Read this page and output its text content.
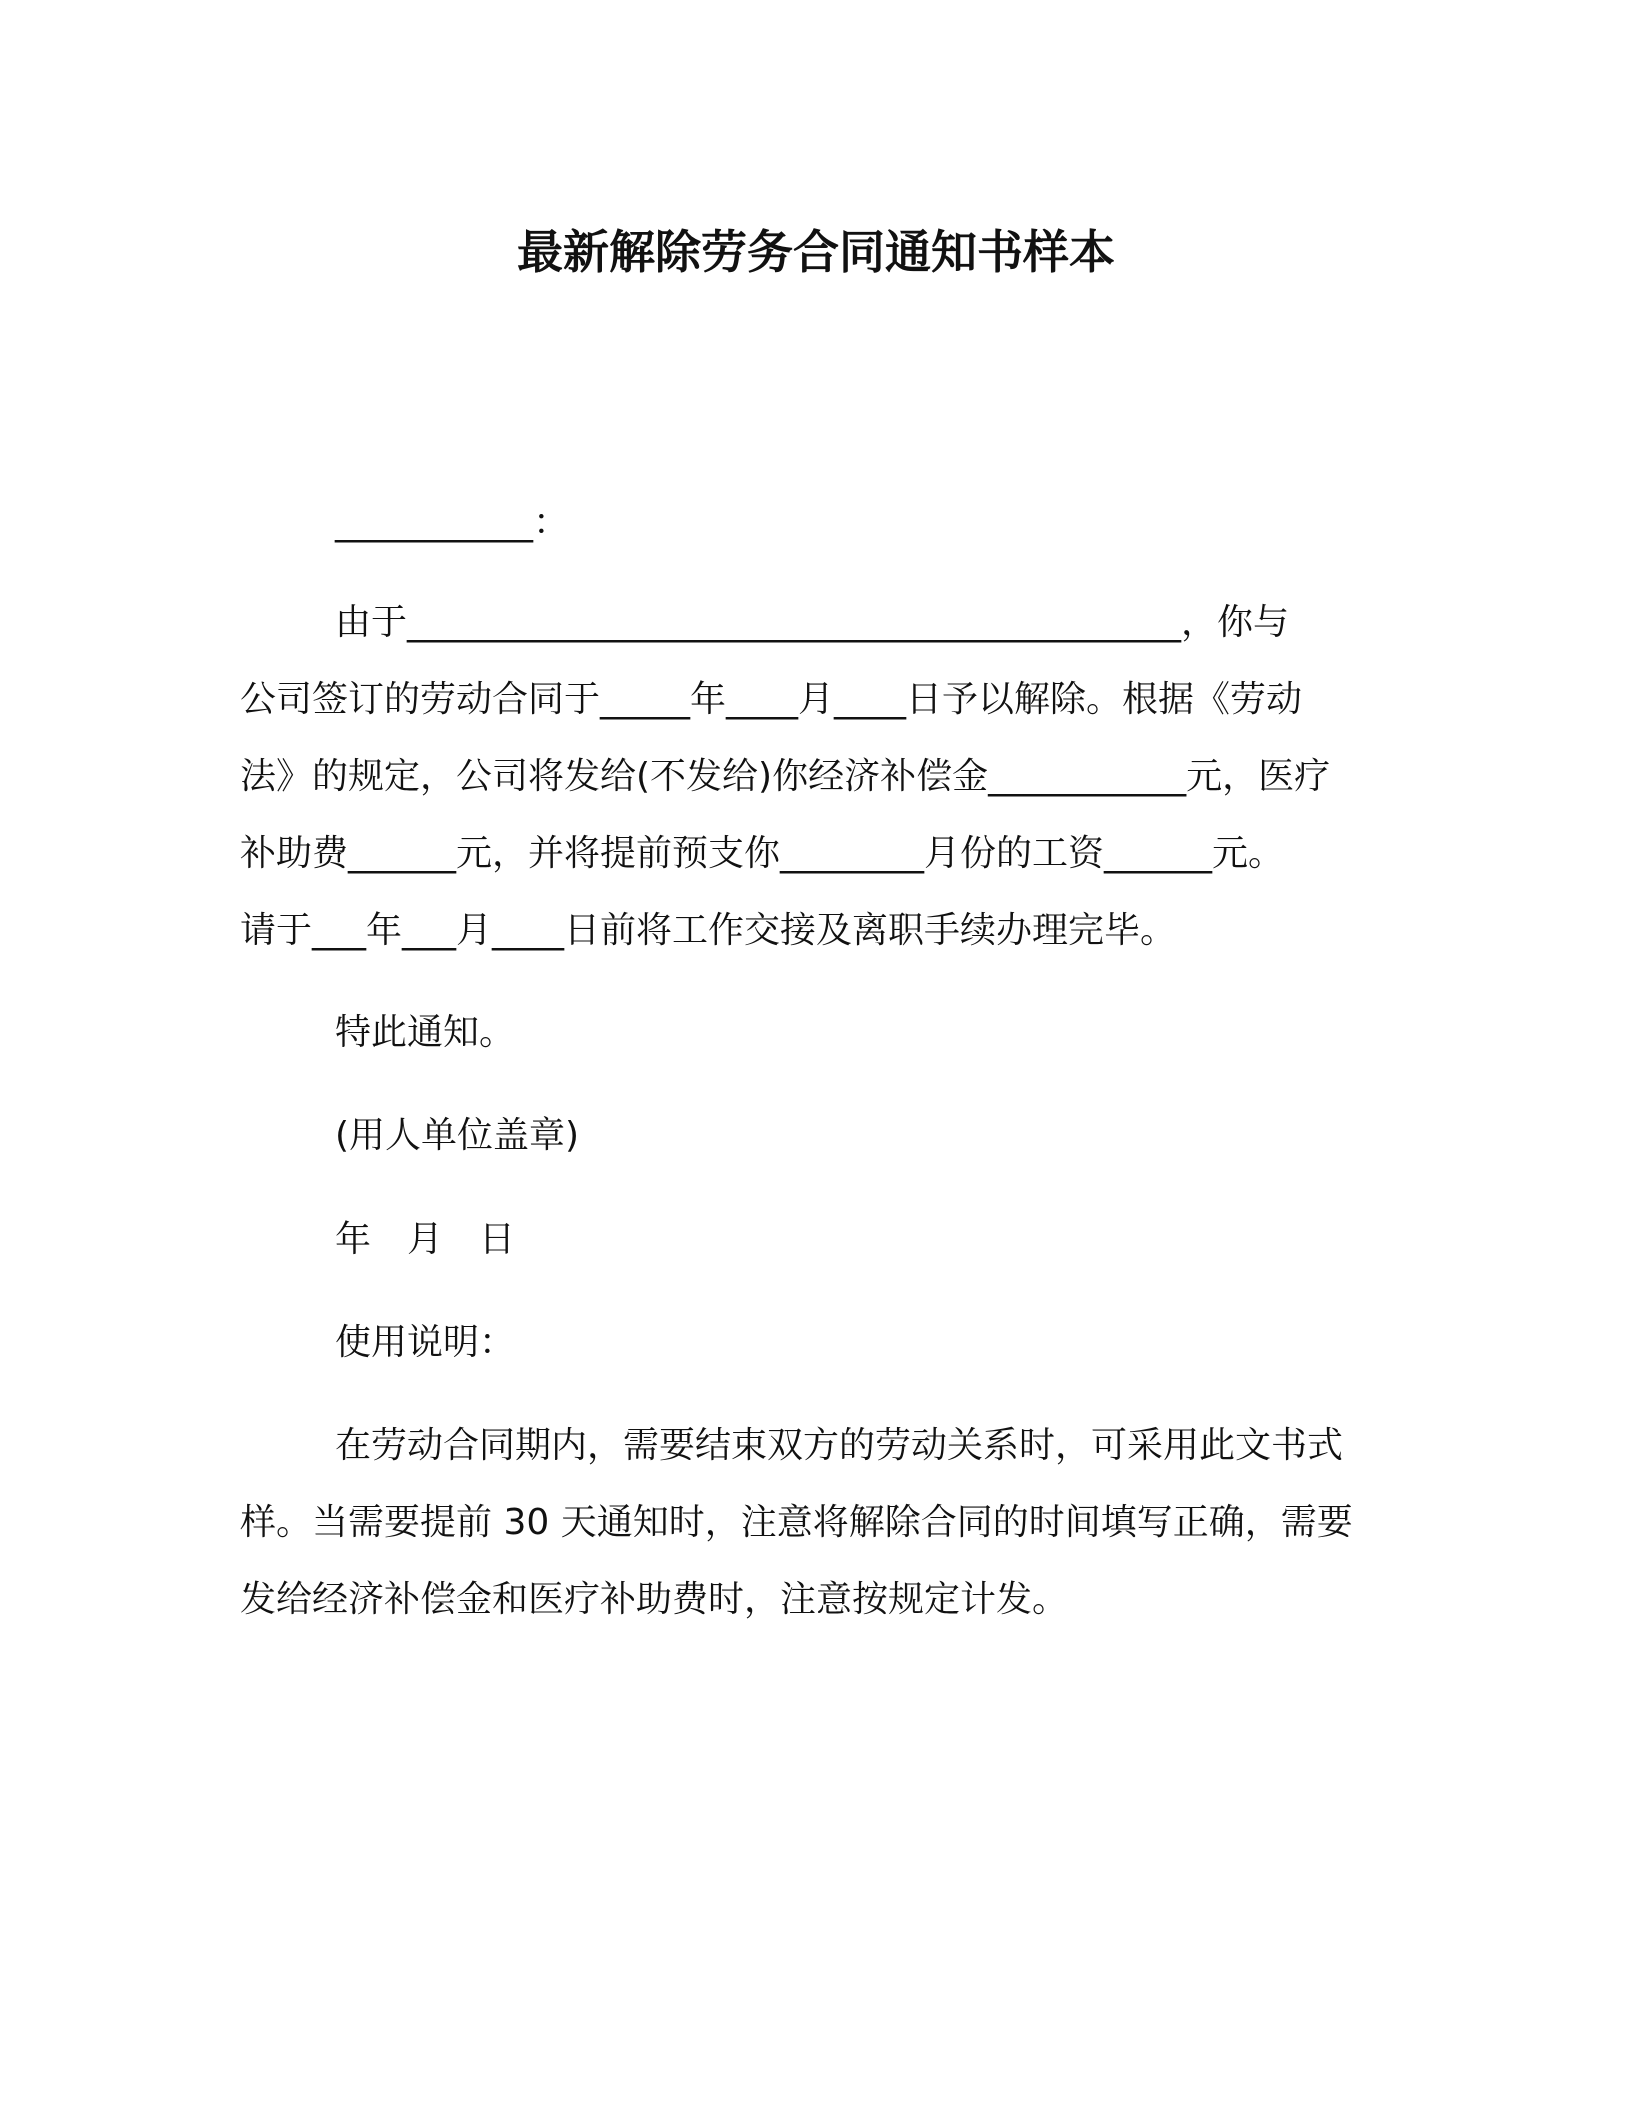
最新解除劳务合同通知书样本
___________：
由于___________________________________________，你与
公司签订的劳动合同于_____年____月____日予以解除。根据《劳动
法》的规定，公司将发给(不发给)你经济补偿金___________元，医疗
补助费______元，并将提前预支你________月份的工资______元。
请于___年___月____日前将工作交接及离职手续办理完毕。
特此通知。
(用人单位盖章)
年　月　日
使用说明：
在劳动合同期内，需要结束双方的劳动关系时，可采用此文书式
样。当需要提前 30 天通知时，注意将解除合同的时间填写正确，需要
发给经济补偿金和医疗补助费时，注意按规定计发。
